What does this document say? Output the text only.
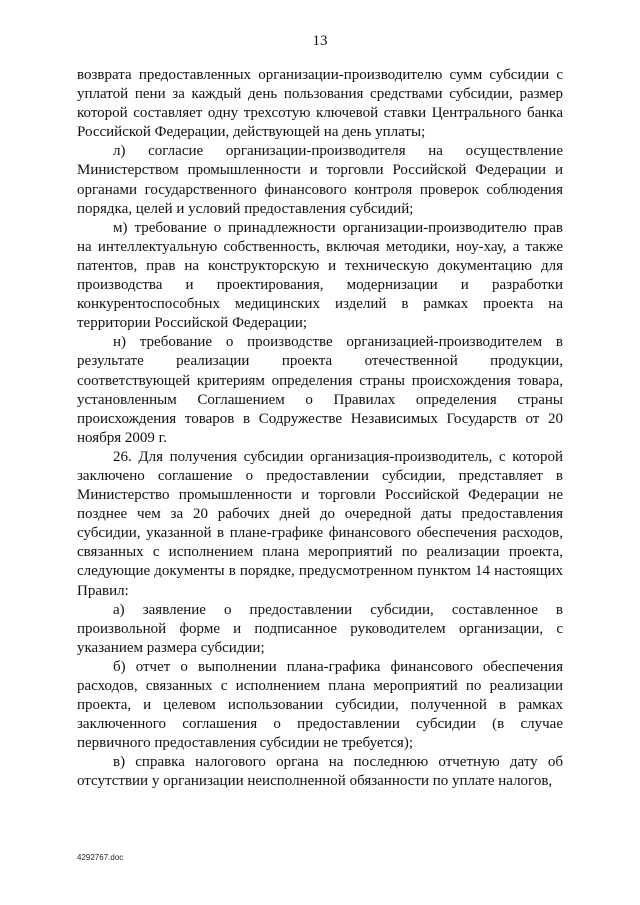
13

возврата предоставленных организации-производителю сумм субсидии с уплатой пени за каждый день пользования средствами субсидии, размер которой составляет одну трехсотую ключевой ставки Центрального банка Российской Федерации, действующей на день уплаты;

л) согласие организации-производителя на осуществление Министерством промышленности и торговли Российской Федерации и органами государственного финансового контроля проверок соблюдения порядка, целей и условий предоставления субсидий;

м) требование о принадлежности организации-производителю прав на интеллектуальную собственность, включая методики, ноу-хау, а также патентов, прав на конструкторскую и техническую документацию для производства и проектирования, модернизации и разработки конкурентоспособных медицинских изделий в рамках проекта на территории Российской Федерации;

н) требование о производстве организацией-производителем в результате реализации проекта отечественной продукции, соответствующей критериям определения страны происхождения товара, установленным Соглашением о Правилах определения страны происхождения товаров в Содружестве Независимых Государств от 20 ноября 2009 г.

26. Для получения субсидии организация-производитель, с которой заключено соглашение о предоставлении субсидии, представляет в Министерство промышленности и торговли Российской Федерации не позднее чем за 20 рабочих дней до очередной даты предоставления субсидии, указанной в плане-графике финансового обеспечения расходов, связанных с исполнением плана мероприятий по реализации проекта, следующие документы в порядке, предусмотренном пунктом 14 настоящих Правил:

а) заявление о предоставлении субсидии, составленное в произвольной форме и подписанное руководителем организации, с указанием размера субсидии;

б) отчет о выполнении плана-графика финансового обеспечения расходов, связанных с исполнением плана мероприятий по реализации проекта, и целевом использовании субсидии, полученной в рамках заключенного соглашения о предоставлении субсидии (в случае первичного предоставления субсидии не требуется);

в) справка налогового органа на последнюю отчетную дату об отсутствии у организации неисполненной обязанности по уплате налогов,

4292767.doc
